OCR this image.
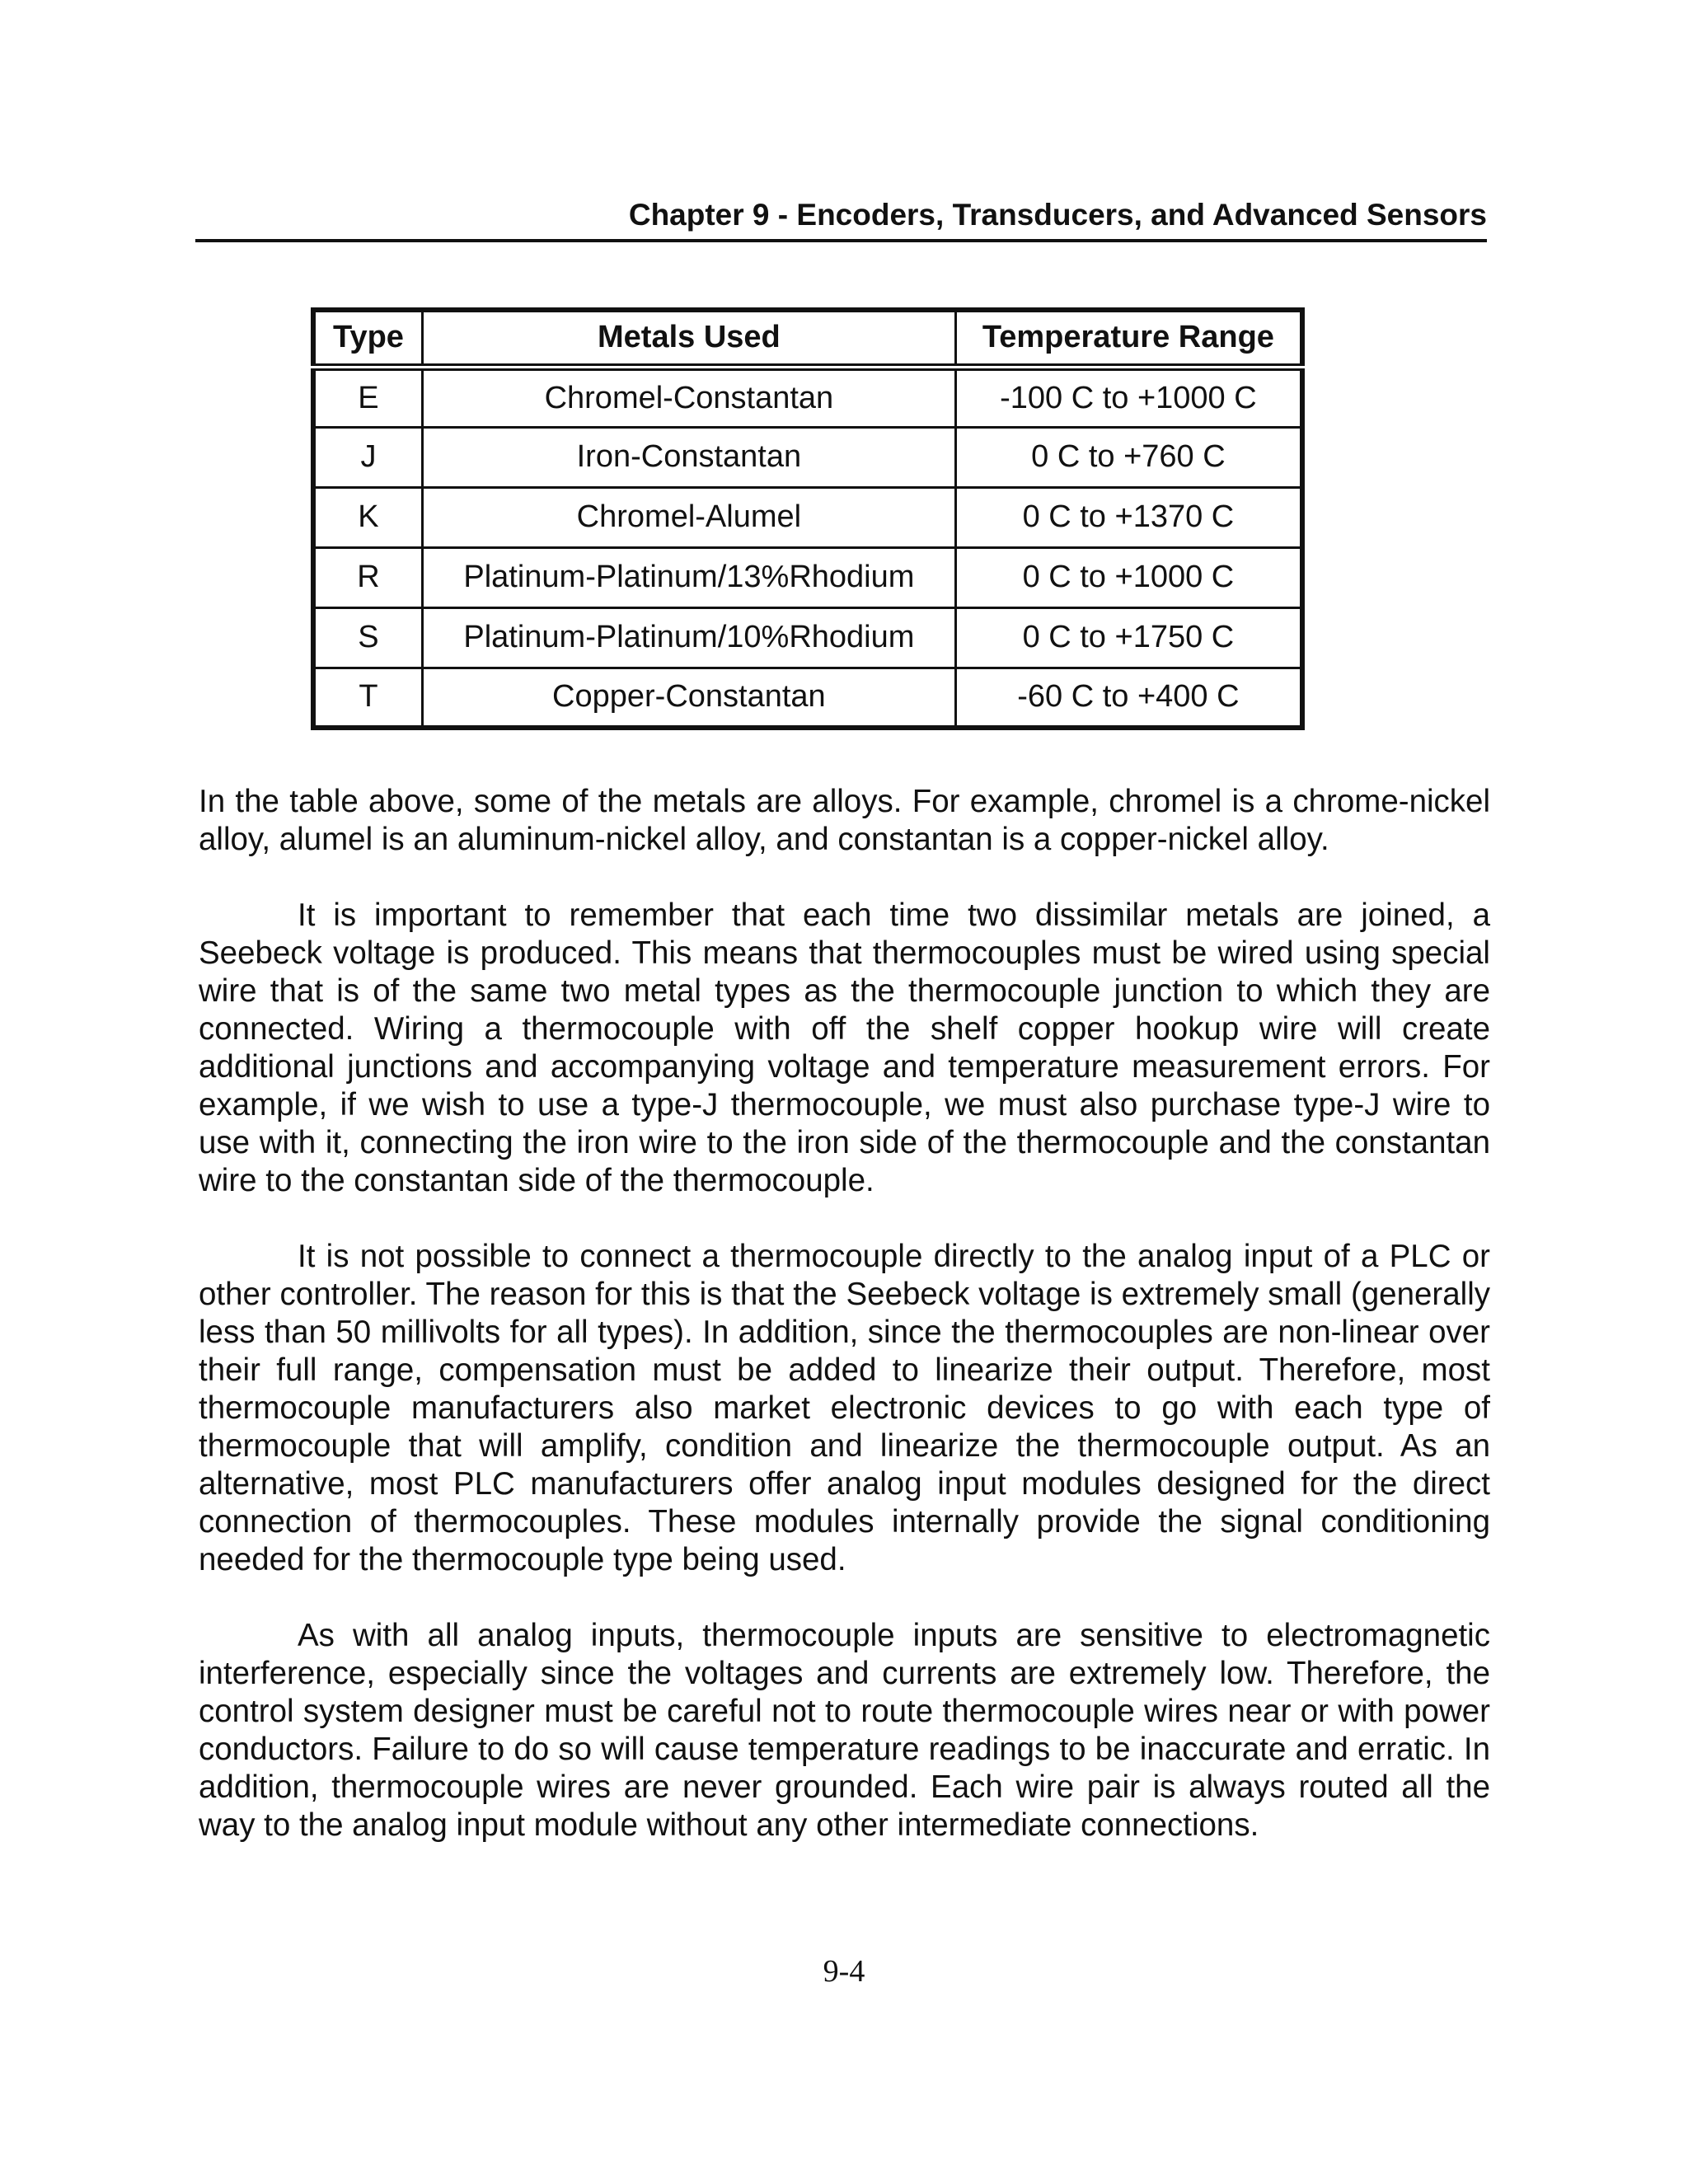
Chapter 9 - Encoders, Transducers, and Advanced Sensors
Type	Metals Used	Temperature Range
E	Chromel-Constantan	-100 C to +1000 C
J	Iron-Constantan	0 C to +760 C
K	Chromel-Alumel	0 C to +1370 C
R	Platinum-Platinum/13%Rhodium	0 C to +1000 C
S	Platinum-Platinum/10%Rhodium	0 C to +1750 C
T	Copper-Constantan	-60 C to +400 C

In the table above, some of the metals are alloys. For example, chromel is a chrome-nickel alloy, alumel is an aluminum-nickel alloy, and constantan is a copper-nickel alloy.

It is important to remember that each time two dissimilar metals are joined, a Seebeck voltage is produced. This means that thermocouples must be wired using special wire that is of the same two metal types as the thermocouple junction to which they are connected. Wiring a thermocouple with off the shelf copper hookup wire will create additional junctions and accompanying voltage and temperature measurement errors. For example, if we wish to use a type-J thermocouple, we must also purchase type-J wire to use with it, connecting the iron wire to the iron side of the thermocouple and the constantan wire to the constantan side of the thermocouple.

It is not possible to connect a thermocouple directly to the analog input of a PLC or other controller. The reason for this is that the Seebeck voltage is extremely small (generally less than 50 millivolts for all types). In addition, since the thermocouples are non-linear over their full range, compensation must be added to linearize their output. Therefore, most thermocouple manufacturers also market electronic devices to go with each type of thermocouple that will amplify, condition and linearize the thermocouple output. As an alternative, most PLC manufacturers offer analog input modules designed for the direct connection of thermocouples. These modules internally provide the signal conditioning needed for the thermocouple type being used.

As with all analog inputs, thermocouple inputs are sensitive to electromagnetic interference, especially since the voltages and currents are extremely low. Therefore, the control system designer must be careful not to route thermocouple wires near or with power conductors. Failure to do so will cause temperature readings to be inaccurate and erratic. In addition, thermocouple wires are never grounded. Each wire pair is always routed all the way to the analog input module without any other intermediate connections.

9-4
